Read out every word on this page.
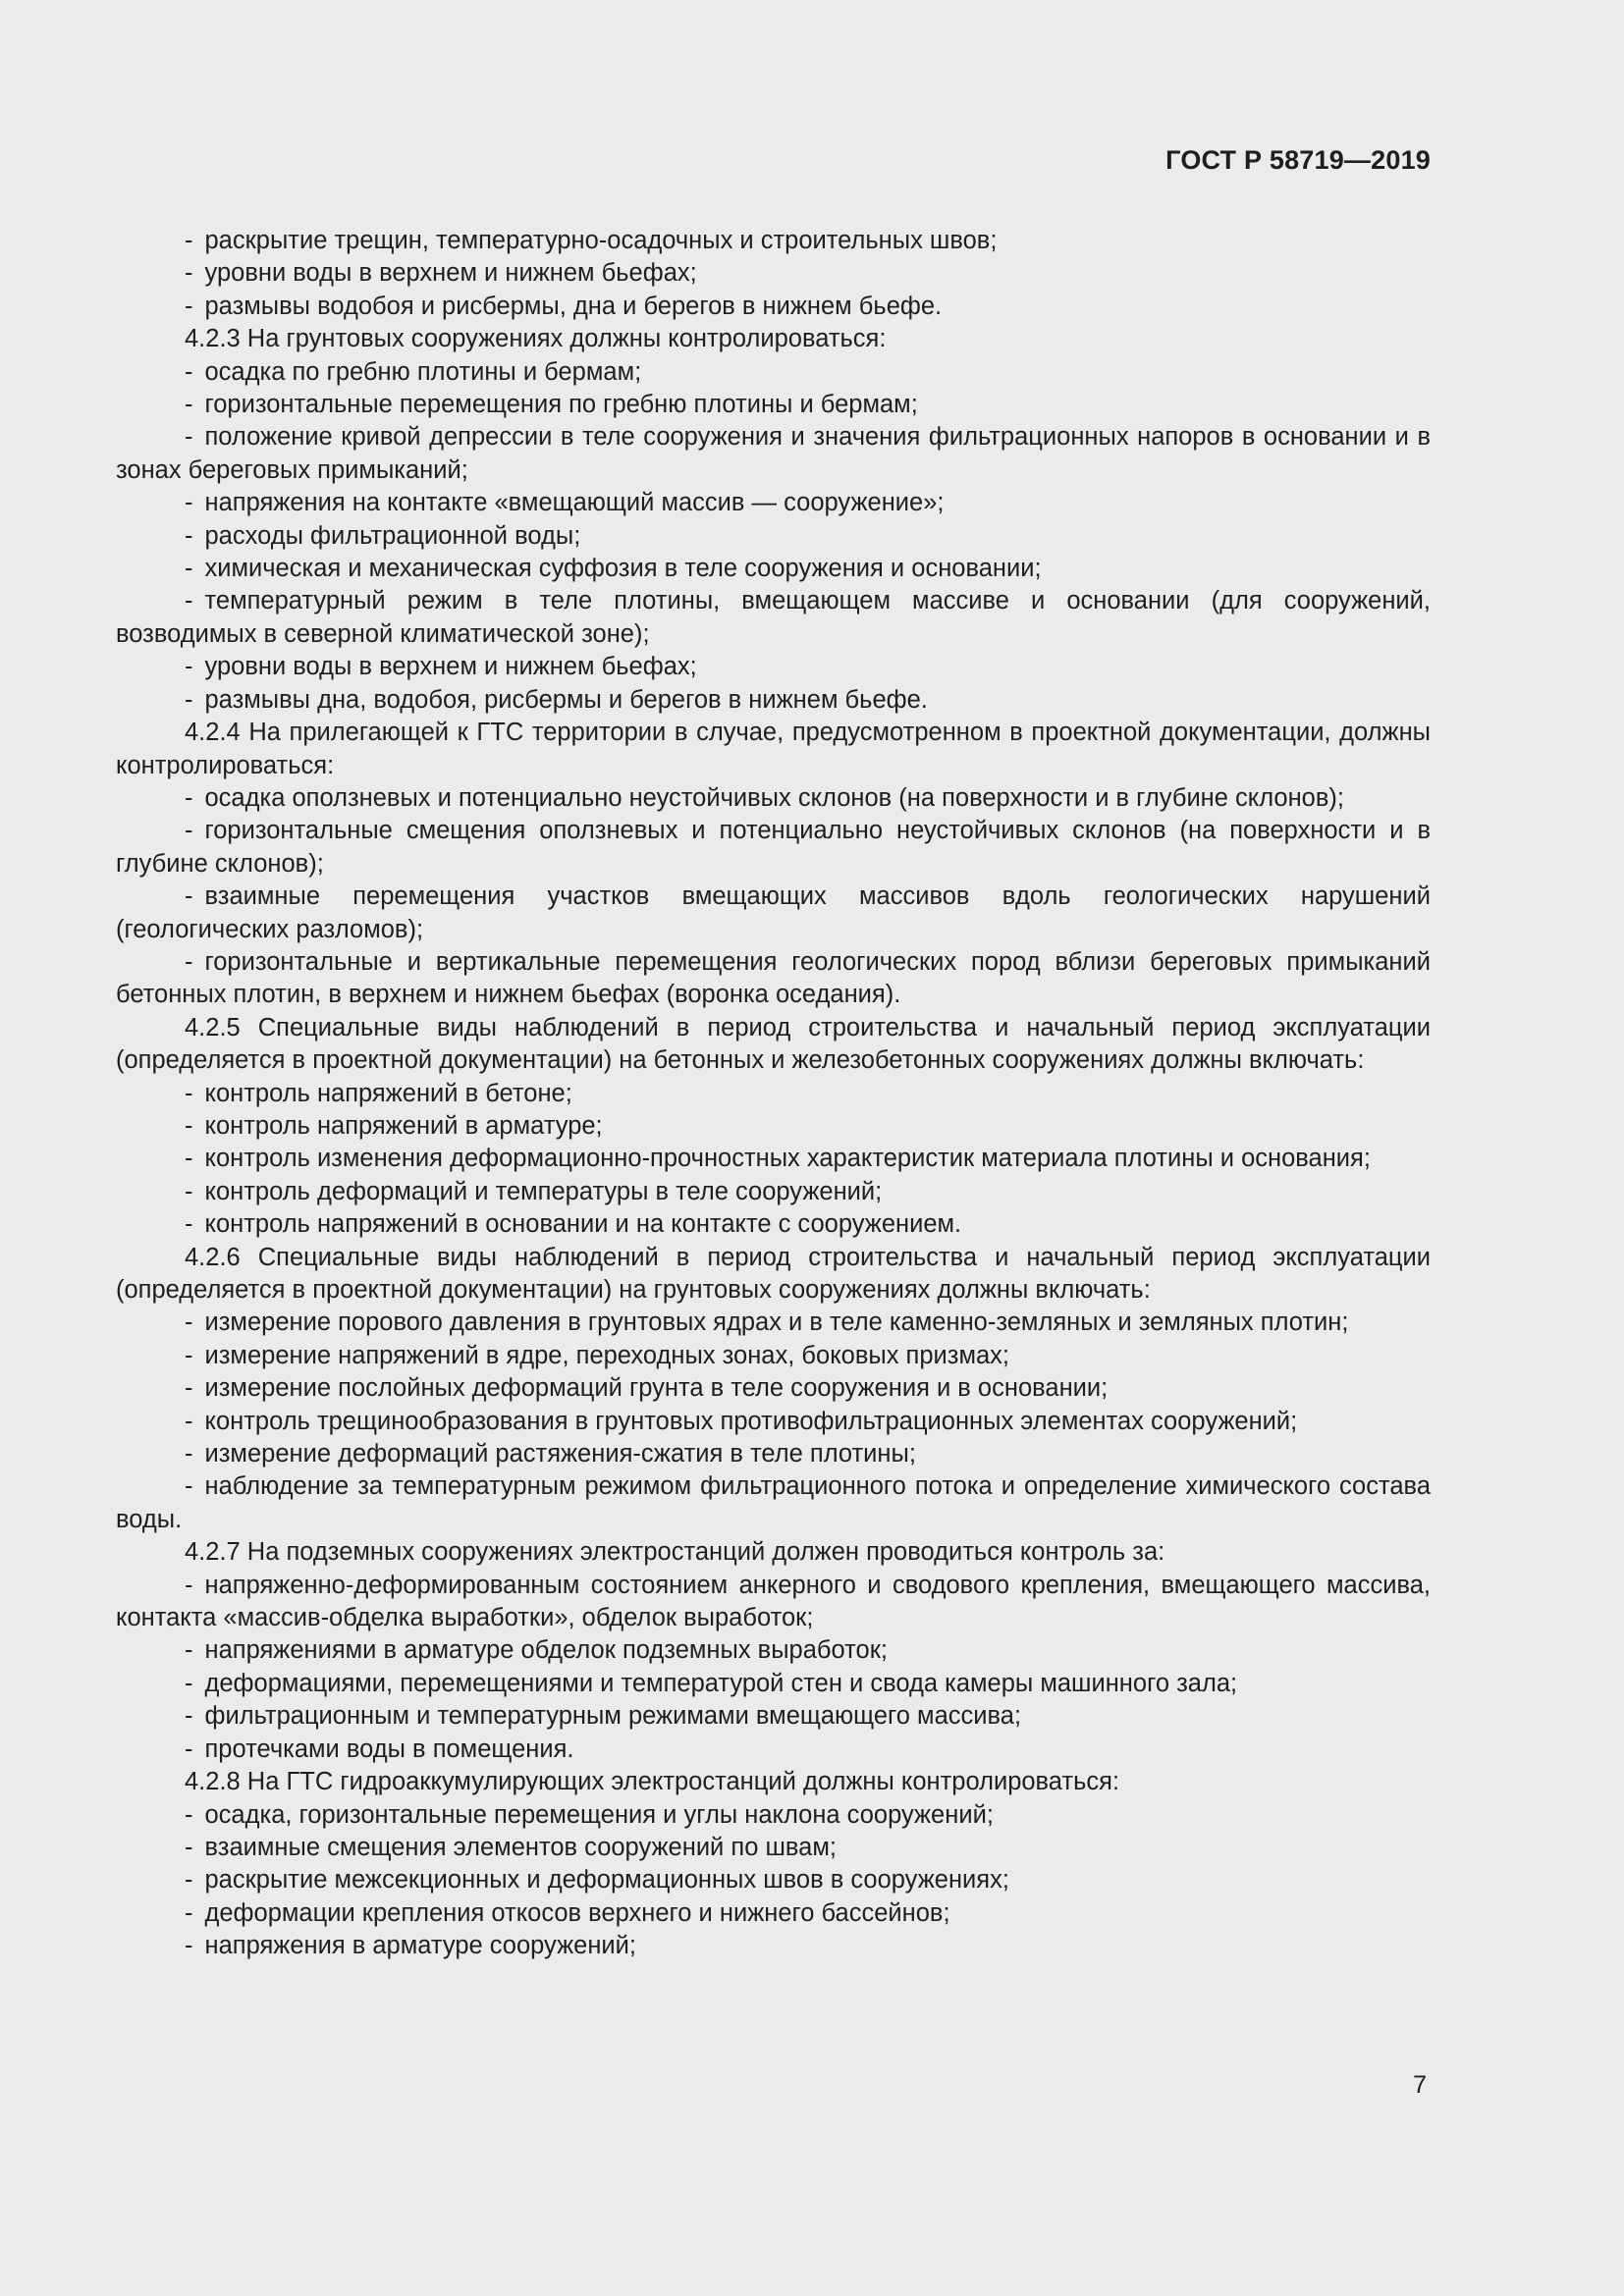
ГОСТ Р 58719—2019

- раскрытие трещин, температурно-осадочных и строительных швов;

- уровни воды в верхнем и нижнем бьефах;

- размывы водобоя и рисбермы, дна и берегов в нижнем бьефе.

4.2.3 На грунтовых сооружениях должны контролироваться:

- осадка по гребню плотины и бермам;

- горизонтальные перемещения по гребню плотины и бермам;

- положение кривой депрессии в теле сооружения и значения фильтрационных напоров в основании и в зонах береговых примыканий;

- напряжения на контакте «вмещающий массив — сооружение»;

- расходы фильтрационной воды;

- химическая и механическая суффозия в теле сооружения и основании;

- температурный режим в теле плотины, вмещающем массиве и основании (для сооружений, возводимых в северной климатической зоне);

- уровни воды в верхнем и нижнем бьефах;

- размывы дна, водобоя, рисбермы и берегов в нижнем бьефе.

4.2.4 На прилегающей к ГТС территории в случае, предусмотренном в проектной документации, должны контролироваться:

- осадка оползневых и потенциально неустойчивых склонов (на поверхности и в глубине склонов);

- горизонтальные смещения оползневых и потенциально неустойчивых склонов (на поверхности и в глубине склонов);

- взаимные перемещения участков вмещающих массивов вдоль геологических нарушений (геологических разломов);

- горизонтальные и вертикальные перемещения геологических пород вблизи береговых примыканий бетонных плотин, в верхнем и нижнем бьефах (воронка оседания).

4.2.5 Специальные виды наблюдений в период строительства и начальный период эксплуатации (определяется в проектной документации) на бетонных и железобетонных сооружениях должны включать:

- контроль напряжений в бетоне;

- контроль напряжений в арматуре;

- контроль изменения деформационно-прочностных характеристик материала плотины и основания;

- контроль деформаций и температуры в теле сооружений;

- контроль напряжений в основании и на контакте с сооружением.

4.2.6 Специальные виды наблюдений в период строительства и начальный период эксплуатации (определяется в проектной документации) на грунтовых сооружениях должны включать:

- измерение порового давления в грунтовых ядрах и в теле каменно-земляных и земляных плотин;

- измерение напряжений в ядре, переходных зонах, боковых призмах;

- измерение послойных деформаций грунта в теле сооружения и в основании;

- контроль трещинообразования в грунтовых противофильтрационных элементах сооружений;

- измерение деформаций растяжения-сжатия в теле плотины;

- наблюдение за температурным режимом фильтрационного потока и определение химического состава воды.

4.2.7 На подземных сооружениях электростанций должен проводиться контроль за:

- напряженно-деформированным состоянием анкерного и сводового крепления, вмещающего массива, контакта «массив-обделка выработки», обделок выработок;

- напряжениями в арматуре обделок подземных выработок;

- деформациями, перемещениями и температурой стен и свода камеры машинного зала;

- фильтрационным и температурным режимами вмещающего массива;

- протечками воды в помещения.

4.2.8 На ГТС гидроаккумулирующих электростанций должны контролироваться:

- осадка, горизонтальные перемещения и углы наклона сооружений;

- взаимные смещения элементов сооружений по швам;

- раскрытие межсекционных и деформационных швов в сооружениях;

- деформации крепления откосов верхнего и нижнего бассейнов;

- напряжения в арматуре сооружений;

7
